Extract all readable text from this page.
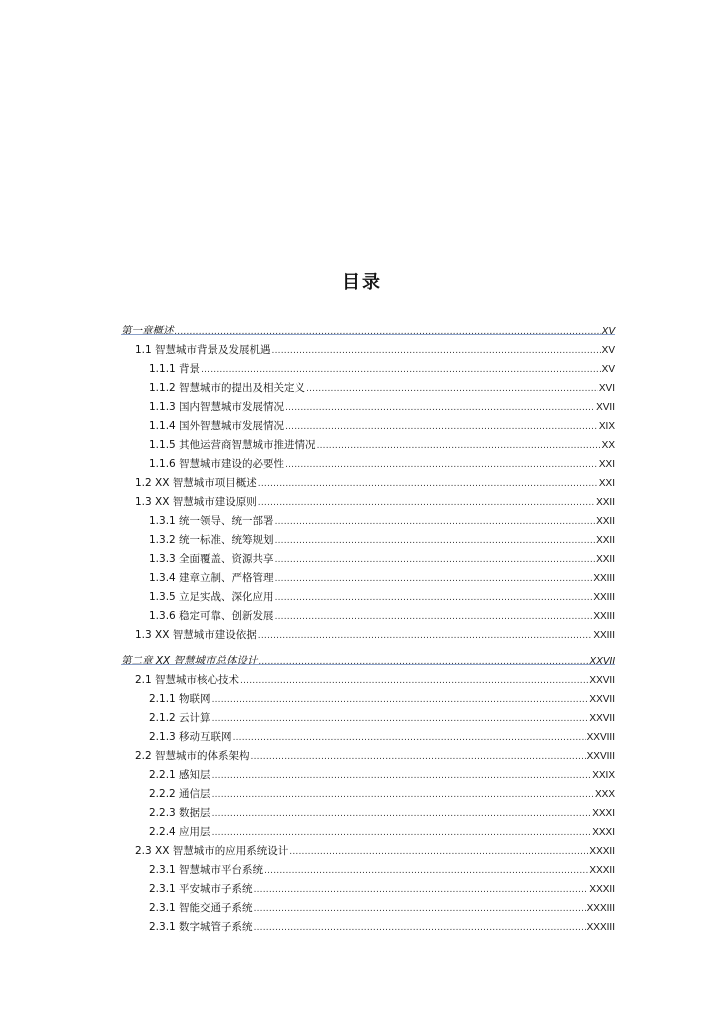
目录
第一章概述 .....	XV
1.1 智慧城市背景及发展机遇 .....	XV
1.1.1 背景 .....	XV
1.1.2 智慧城市的提出及相关定义 .....	XVI
1.1.3 国内智慧城市发展情况 .....	XVII
1.1.4 国外智慧城市发展情况 .....	XIX
1.1.5 其他运营商智慧城市推进情况 .....	XX
1.1.6 智慧城市建设的必要性 .....	XXI
1.2 XX 智慧城市项目概述 .....	XXI
1.3 XX 智慧城市建设原则 .....	XXII
1.3.1 统一领导、统一部署 .....	XXII
1.3.2 统一标准、统筹规划 .....	XXII
1.3.3 全面覆盖、资源共享 .....	XXII
1.3.4 建章立制、严格管理 .....	XXIII
1.3.5 立足实战、深化应用 .....	XXIII
1.3.6 稳定可靠、创新发展 .....	XXIII
1.3 XX 智慧城市建设依据 .....	XXIII
第二章 XX 智慧城市总体设计 .....	XXVII
2.1 智慧城市核心技术 .....	XXVII
2.1.1 物联网 .....	XXVII
2.1.2 云计算 .....	XXVII
2.1.3 移动互联网 .....	XXVIII
2.2 智慧城市的体系架构 .....	XXVIII
2.2.1 感知层 .....	XXIX
2.2.2 通信层 .....	XXX
2.2.3 数据层 .....	XXXI
2.2.4 应用层 .....	XXXI
2.3 XX 智慧城市的应用系统设计 .....	XXXII
2.3.1 智慧城市平台系统 .....	XXXII
2.3.1 平安城市子系统 .....	XXXII
2.3.1 智能交通子系统 .....	XXXIII
2.3.1 数字城管子系统 .....	XXXIII
